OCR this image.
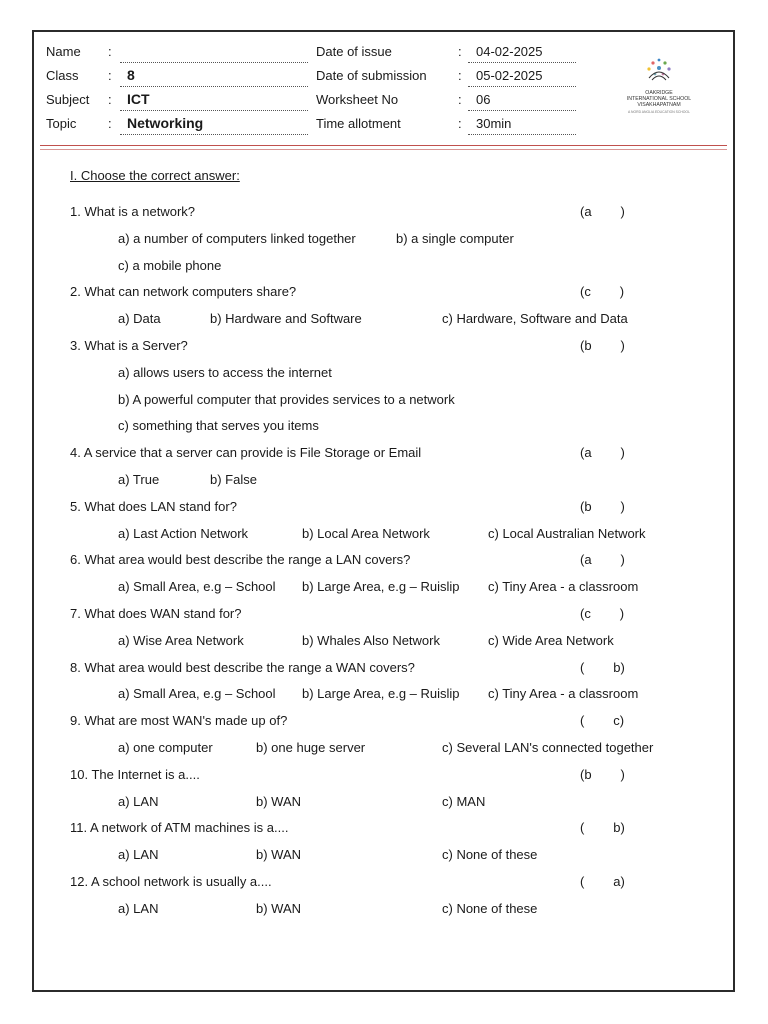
Name :
Class : 8
Subject : ICT
Topic : Networking
Date of issue	: 04-02-2025
Date of submission : 05-02-2025
Worksheet No	: 06
Time allotment	: 30min
OAKRIDGE
INTERNATIONAL SCHOOL
VISAKHAPATNAM
A NORD ANGLIA EDUCATION SCHOOL
I. Choose the correct answer:
1. What is a network?	(a        )
a) a number of computers linked together	b) a single computer
c) a mobile phone
2. What can network computers share?	(c        )
a) Data	b) Hardware and Software	c) Hardware, Software and Data
3. What is a Server?	(b        )
a) allows users to access the internet
b) A powerful computer that provides services to a network
c) something that serves you items
4. A service that a server can provide is File Storage or Email	(a        )
a) True	b) False
5. What does LAN stand for?	(b        )
a) Last Action Network	b) Local Area Network	c) Local Australian Network
6. What area would best describe the range a LAN covers?	(a        )
a) Small Area, e.g – School b) Large Area, e.g – Ruislip c) Tiny Area - a classroom
7. What does WAN stand for?	(c        )
a) Wise Area Network	b) Whales Also Network	c) Wide Area Network
8. What area would best describe the range a WAN covers?	(        b)
a) Small Area, e.g – School b) Large Area, e.g – Ruislip c) Tiny Area - a classroom
9. What are most WAN's made up of?	(        c)
a) one computer	b) one huge server	c) Several LAN's connected together
10. The Internet is a....	(b        )
a) LAN	b) WAN	c) MAN
11. A network of ATM machines is a....	(        b)
a) LAN	b) WAN	c) None of these
12. A school network is usually a....	(        a)
a) LAN	b) WAN	c) None of these
